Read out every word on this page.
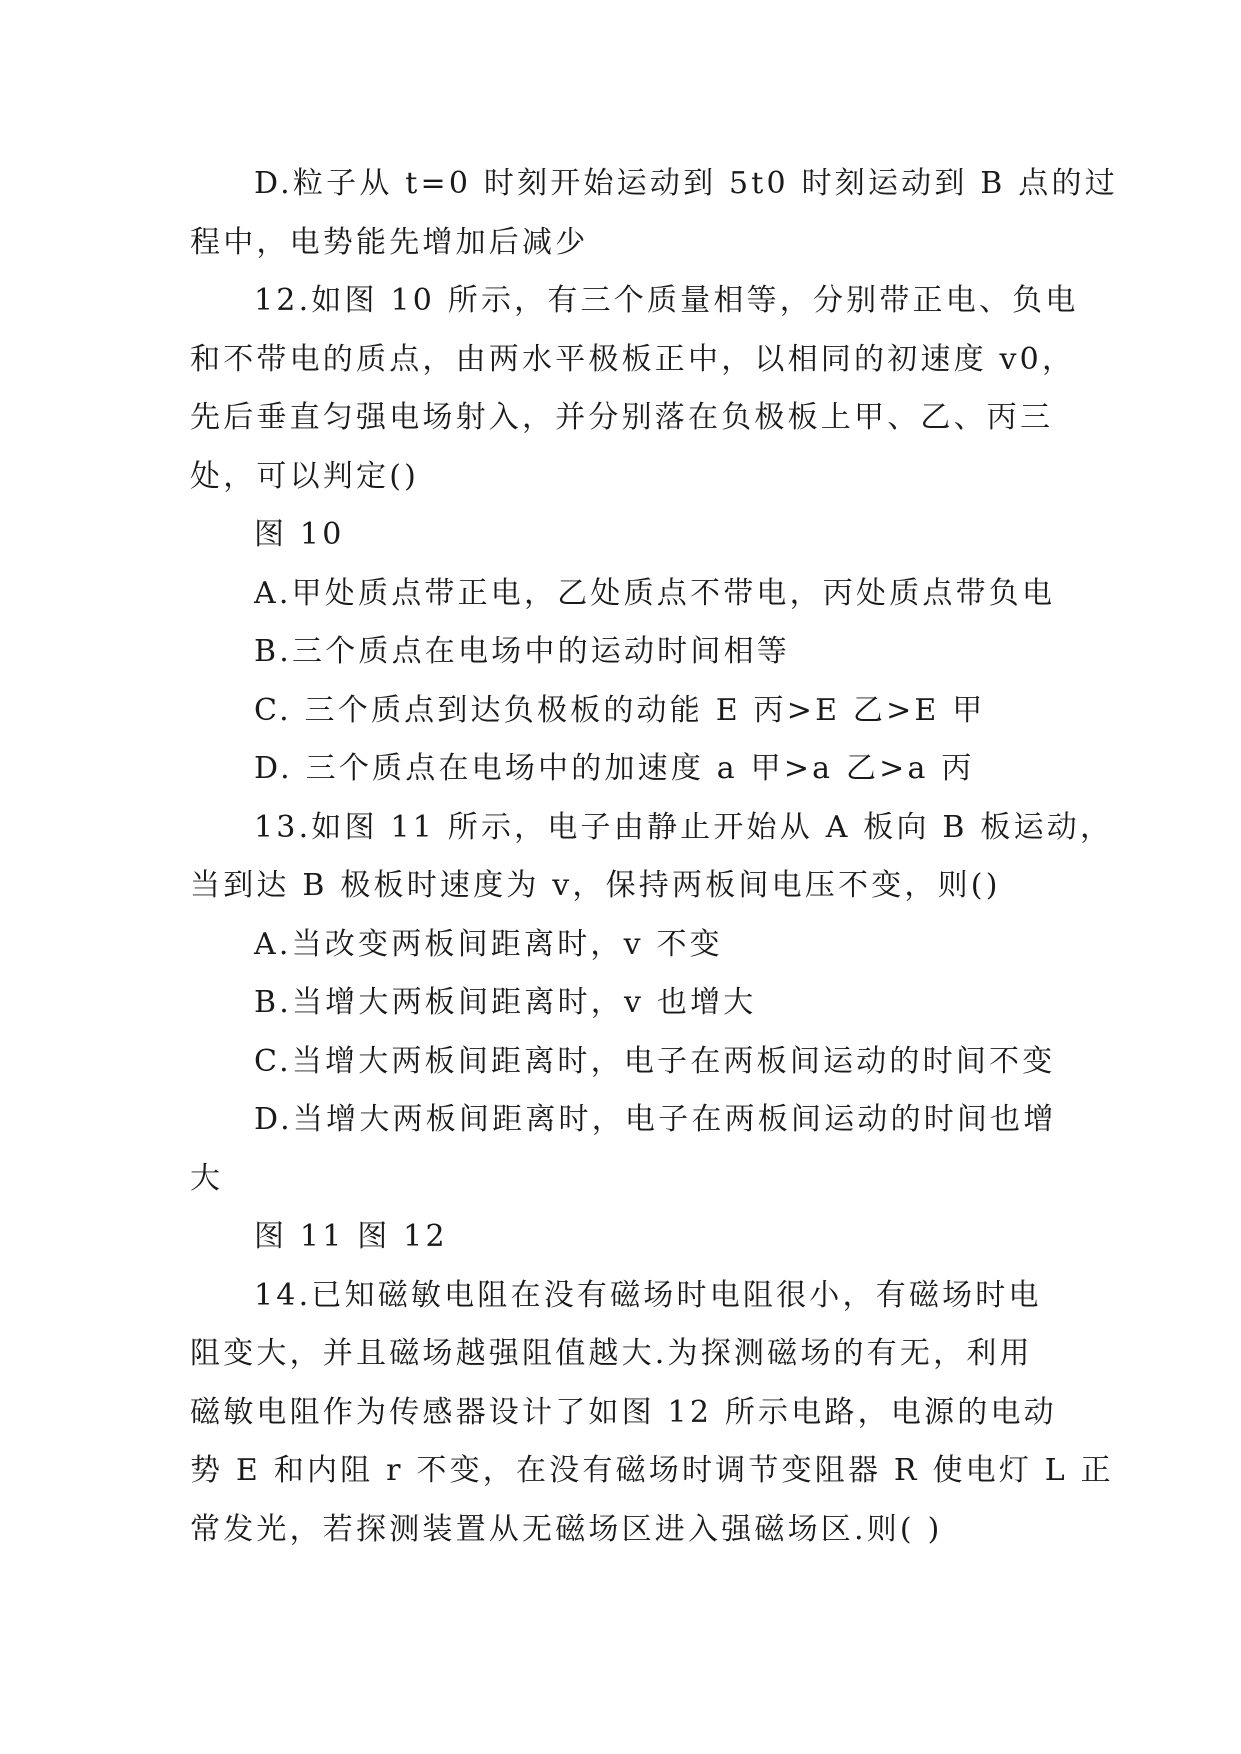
D.粒子从 t=0 时刻开始运动到 5t0 时刻运动到 B 点的过
程中，电势能先增加后减少
12.如图 10 所示，有三个质量相等，分别带正电、负电
和不带电的质点，由两水平极板正中，以相同的初速度 v0，
先后垂直匀强电场射入，并分别落在负极板上甲、乙、丙三
处，可以判定()
图 10
A.甲处质点带正电，乙处质点不带电，丙处质点带负电
B.三个质点在电场中的运动时间相等
C. 三个质点到达负极板的动能 E 丙>E 乙>E 甲
D. 三个质点在电场中的加速度 a 甲>a 乙>a 丙
13.如图 11 所示，电子由静止开始从 A 板向 B 板运动，
当到达 B 极板时速度为 v，保持两板间电压不变，则()
A.当改变两板间距离时，v 不变
B.当增大两板间距离时，v 也增大
C.当增大两板间距离时，电子在两板间运动的时间不变
D.当增大两板间距离时，电子在两板间运动的时间也增
大
图 11 图 12
14.已知磁敏电阻在没有磁场时电阻很小，有磁场时电
阻变大，并且磁场越强阻值越大.为探测磁场的有无，利用
磁敏电阻作为传感器设计了如图 12 所示电路，电源的电动
势 E 和内阻 r 不变，在没有磁场时调节变阻器 R 使电灯 L 正
常发光，若探测装置从无磁场区进入强磁场区.则( )
